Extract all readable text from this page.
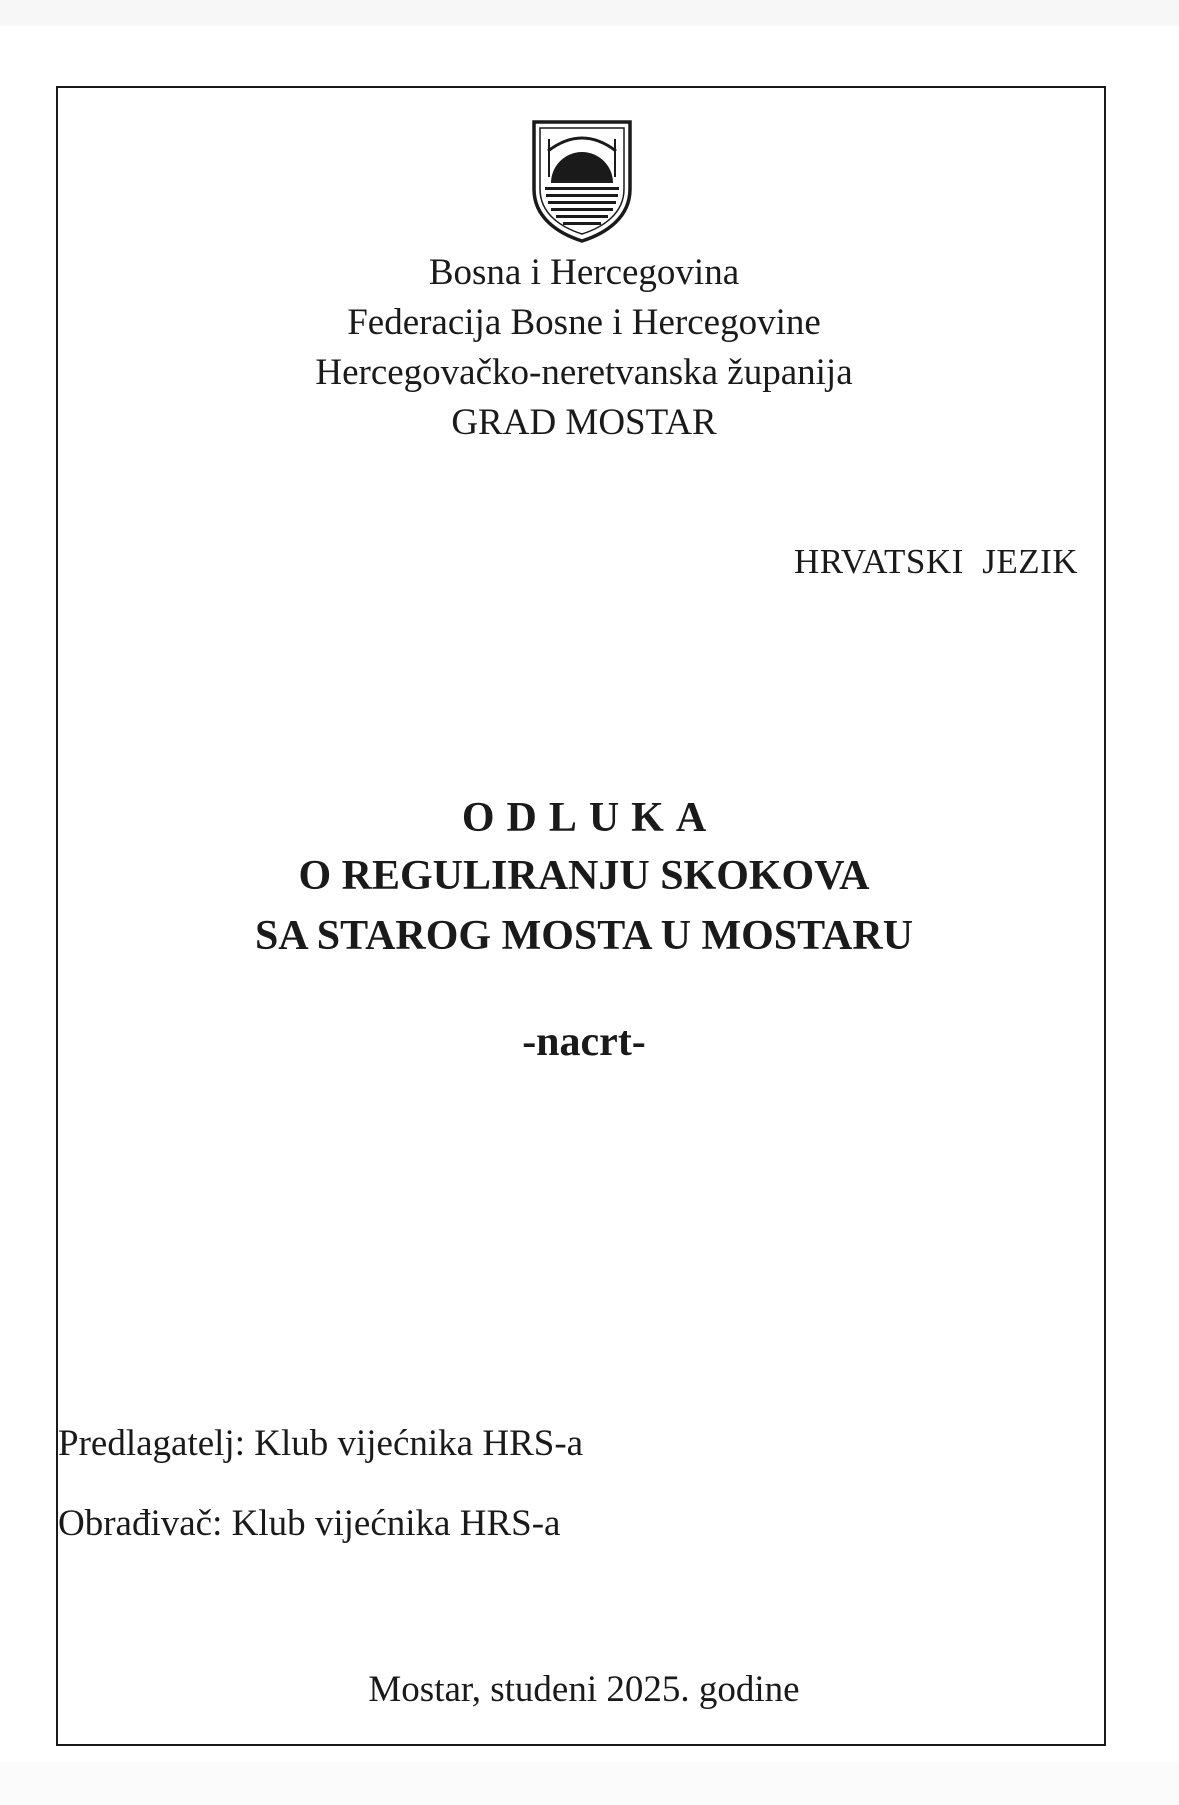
Bosna i Hercegovina
Federacija Bosne i Hercegovine
Hercegovačko-neretvanska županija
GRAD MOSTAR
HRVATSKI  JEZIK
ODLUKA
O REGULIRANJU SKOKOVA
SA STAROG MOSTA U MOSTARU
-nacrt-
Predlagatelj: Klub vijećnika HRS-a
Obrađivač: Klub vijećnika HRS-a
Mostar, studeni 2025. godine
